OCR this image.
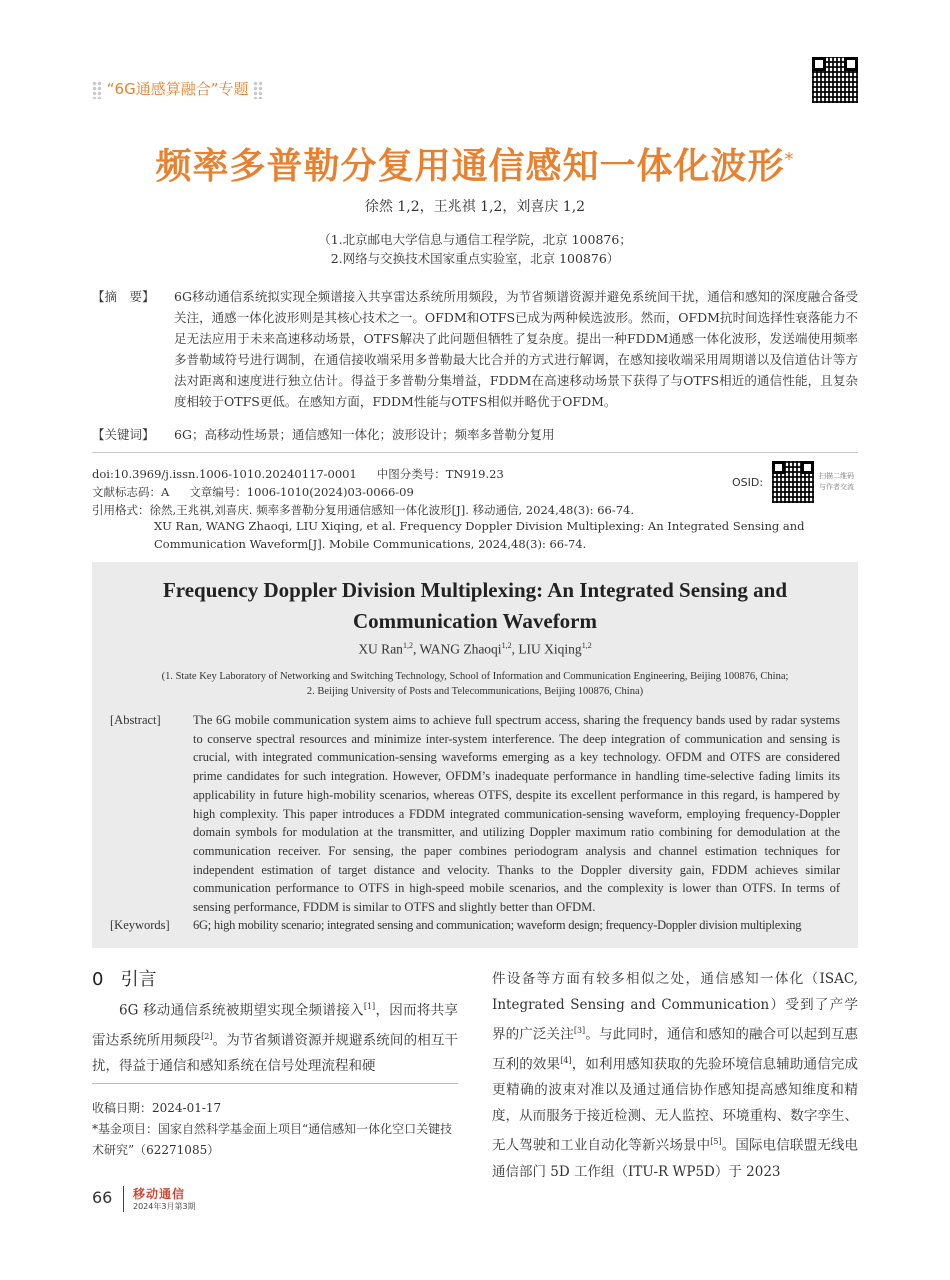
“6G通感算融合”专题
频率多普勒分复用通信感知一体化波形*
徐然 1,2，王兆祺 1,2，刘喜庆 1,2
（1.北京邮电大学信息与通信工程学院，北京 100876；
2.网络与交换技术国家重点实验室，北京 100876）
【摘　要】	6G移动通信系统拟实现全频谱接入共享雷达系统所用频段，为节省频谱资源并避免系统间干扰，通信和感知的深度融合备受关注，通感一体化波形则是其核心技术之一。OFDM和OTFS已成为两种候选波形。然而，OFDM抗时间选择性衰落能力不足无法应用于未来高速移动场景，OTFS解决了此问题但牺牲了复杂度。提出一种FDDM通感一体化波形，发送端使用频率多普勒域符号进行调制，在通信接收端采用多普勒最大比合并的方式进行解调，在感知接收端采用周期谱以及信道估计等方法对距离和速度进行独立估计。得益于多普勒分集增益，FDDM在高速移动场景下获得了与OTFS相近的通信性能，且复杂度相较于OTFS更低。在感知方面，FDDM性能与OTFS相似并略优于OFDM。
【关键词】	6G；高移动性场景；通信感知一体化；波形设计；频率多普勒分复用
doi:10.3969/j.issn.1006-1010.20240117-0001 中图分类号：TN919.23
文献标志码：A 文章编号：1006-1010(2024)03-0066-09
引用格式：徐然,王兆祺,刘喜庆. 频率多普勒分复用通信感知一体化波形[J]. 移动通信, 2024,48(3): 66-74.
XU Ran, WANG Zhaoqi, LIU Xiqing, et al. Frequency Doppler Division Multiplexing: An Integrated Sensing and Communication Waveform[J]. Mobile Communications, 2024,48(3): 66-74.
OSID:	扫描二维码
与作者交流
Frequency Doppler Division Multiplexing: An Integrated Sensing and
Communication Waveform
XU Ran$^{1,2}$, WANG Zhaoqi$^{1,2}$, LIU Xiqing$^{1,2}$
(1. State Key Laboratory of Networking and Switching Technology, School of Information and Communication Engineering, Beijing 100876, China;
2. Beijing University of Posts and Telecommunications, Beijing 100876, China)
[Abstract]	The 6G mobile communication system aims to achieve full spectrum access, sharing the frequency bands used by radar systems to conserve spectral resources and minimize inter-system interference. The deep integration of communication and sensing is crucial, with integrated communication-sensing waveforms emerging as a key technology. OFDM and OTFS are considered prime candidates for such integration. However, OFDM’s inadequate performance in handling time-selective fading limits its applicability in future high-mobility scenarios, whereas OTFS, despite its excellent performance in this regard, is hampered by high complexity. This paper introduces a FDDM integrated communication-sensing waveform, employing frequency-Doppler domain symbols for modulation at the transmitter, and utilizing Doppler maximum ratio combining for demodulation at the communication receiver. For sensing, the paper combines periodogram analysis and channel estimation techniques for independent estimation of target distance and velocity. Thanks to the Doppler diversity gain, FDDM achieves similar communication performance to OTFS in high-speed mobile scenarios, and the complexity is lower than OTFS. In terms of sensing performance, FDDM is similar to OTFS and slightly better than OFDM.
[Keywords]	6G; high mobility scenario; integrated sensing and communication; waveform design; frequency-Doppler division multiplexing
0 引言
6G 移动通信系统被期望实现全频谱接入[1]，因而将共享雷达系统所用频段[2]。为节省频谱资源并规避系统间的相互干扰，得益于通信和感知系统在信号处理流程和硬
件设备等方面有较多相似之处，通信感知一体化（ISAC, Integrated Sensing and Communication）受到了产学界的广泛关注[3]。与此同时，通信和感知的融合可以起到互惠互利的效果[4]，如利用感知获取的先验环境信息辅助通信完成更精确的波束对准以及通过通信协作感知提高感知维度和精度，从而服务于接近检测、无人监控、环境重构、数字孪生、无人驾驶和工业自动化等新兴场景中[5]。国际电信联盟无线电通信部门 5D 工作组（ITU-R WP5D）于 2023
收稿日期：2024-01-17
*基金项目：国家自然科学基金面上项目“通信感知一体化空口关键技术研究”（62271085）
66 移动通信
2024年3月第3期
